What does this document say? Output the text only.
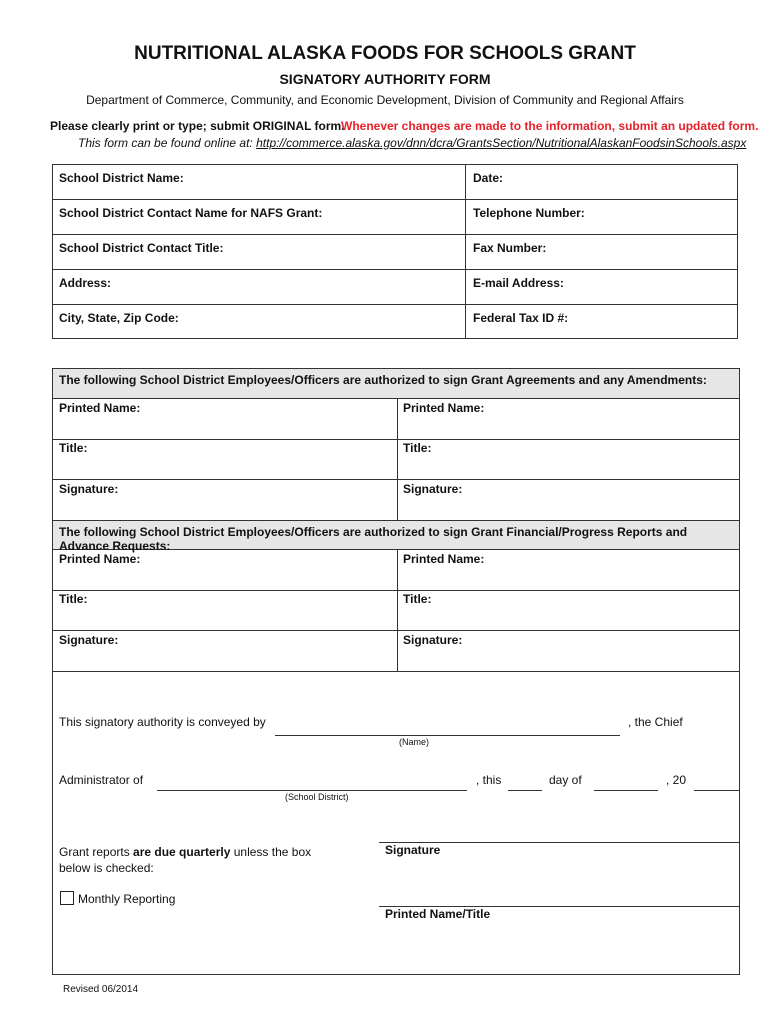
NUTRITIONAL ALASKA FOODS FOR SCHOOLS GRANT
SIGNATORY AUTHORITY FORM
Department of Commerce, Community, and Economic Development, Division of Community and Regional Affairs
Please clearly print or type; submit ORIGINAL form.
Whenever changes are made to the information, submit an updated form.
This form can be found online at: http://commerce.alaska.gov/dnn/dcra/GrantsSection/NutritionalAlaskanFoodsinSchools.aspx
School District Name:	Date:
School District Contact Name for NAFS Grant:	Telephone Number:
School District Contact Title:	Fax Number:
Address:	E-mail Address:
City, State, Zip Code:	Federal Tax ID #:
The following School District Employees/Officers are authorized to sign Grant Agreements and any Amendments:
Printed Name:	Printed Name:
Title:	Title:
Signature:	Signature:
The following School District Employees/Officers are authorized to sign Grant Financial/Progress Reports and Advance Requests:
Printed Name:	Printed Name:
Title:	Title:
Signature:	Signature:
This signatory authority is conveyed by
(Name)
, the Chief
Administrator of
(School District)
, this	day of	, 20
Grant reports are due quarterly unless the box
below is checked:
Monthly Reporting
Signature
Printed Name/Title
Revised 06/2014
